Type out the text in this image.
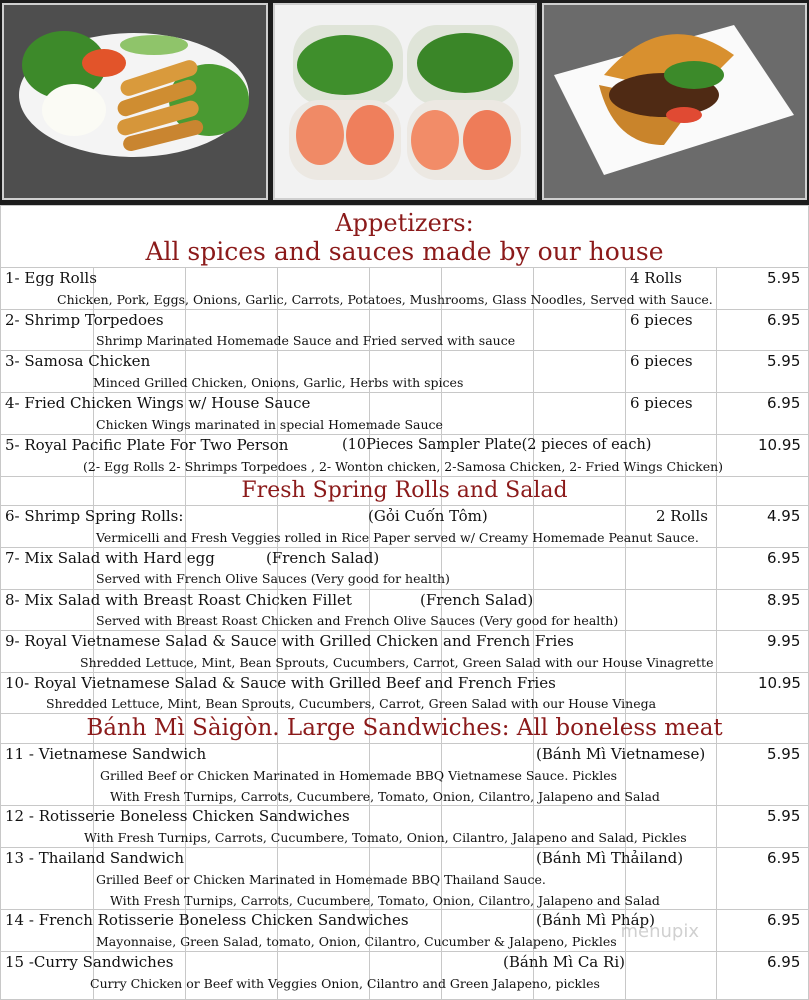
Appetizers:
All spices and sauces made by our house
1- Egg Rolls	4 Rolls	5.95
Chicken, Pork, Eggs, Onions, Garlic, Carrots, Potatoes, Mushrooms, Glass Noodles, Served with Sauce.
2- Shrimp Torpedoes	6 pieces	6.95
Shrimp Marinated Homemade Sauce and Fried served with sauce
3- Samosa Chicken	6 pieces	5.95
Minced Grilled Chicken, Onions, Garlic, Herbs with spices
4- Fried Chicken Wings w/ House Sauce	6 pieces	6.95
Chicken Wings marinated in special Homemade Sauce
5- Royal Pacific Plate For Two Person	(10Pieces Sampler Plate(2 pieces of each)	10.95
(2- Egg Rolls 2- Shrimps Torpedoes , 2- Wonton chicken, 2-Samosa Chicken, 2- Fried Wings Chicken)
Fresh Spring Rolls and Salad
6- Shrimp Spring Rolls:	(Gỏi Cuốn Tôm)	2 Rolls	4.95
Vermicelli and Fresh Veggies rolled in Rice Paper served w/ Creamy Homemade Peanut Sauce.
7- Mix Salad with Hard egg	(French Salad)	6.95
Served with French Olive Sauces (Very good for health)
8- Mix Salad with Breast Roast Chicken Fillet	(French Salad)	8.95
Served with Breast Roast Chicken and French Olive Sauces (Very good for health)
9- Royal Vietnamese Salad & Sauce with Grilled Chicken and French Fries	9.95
Shredded Lettuce, Mint, Bean Sprouts, Cucumbers, Carrot, Green Salad with our House Vinagrette
10- Royal Vietnamese Salad & Sauce with Grilled Beef and French Fries	10.95
Shredded Lettuce, Mint, Bean Sprouts, Cucumbers, Carrot, Green Salad with our House Vinega
Bánh Mì Sàigòn. Large Sandwiches: All boneless meat
11 - Vietnamese Sandwich	(Bánh Mì Vietnamese)	5.95
Grilled Beef or Chicken Marinated in Homemade BBQ Vietnamese Sauce. Pickles
With Fresh Turnips, Carrots, Cucumbere, Tomato, Onion, Cilantro, Jalapeno and Salad
12 - Rotisserie Boneless Chicken Sandwiches	5.95
With Fresh Turnips, Carrots, Cucumbere, Tomato, Onion, Cilantro, Jalapeno and Salad, Pickles
13 - Thailand Sandwich	(Bánh Mì Thảiland)	6.95
Grilled Beef or Chicken Marinated in Homemade BBQ Thailand Sauce.
With Fresh Turnips, Carrots, Cucumbere, Tomato, Onion, Cilantro, Jalapeno and Salad
14 - French Rotisserie Boneless Chicken Sandwiches	(Bánh Mì Pháp)	6.95
Mayonnaise, Green Salad, tomato, Onion, Cilantro, Cucumber & Jalapeno, Pickles
15 -Curry Sandwiches	(Bánh Mì Ca Ri)	6.95
Curry Chicken or Beef with Veggies Onion, Cilantro and Green Jalapeno, pickles
menupix
